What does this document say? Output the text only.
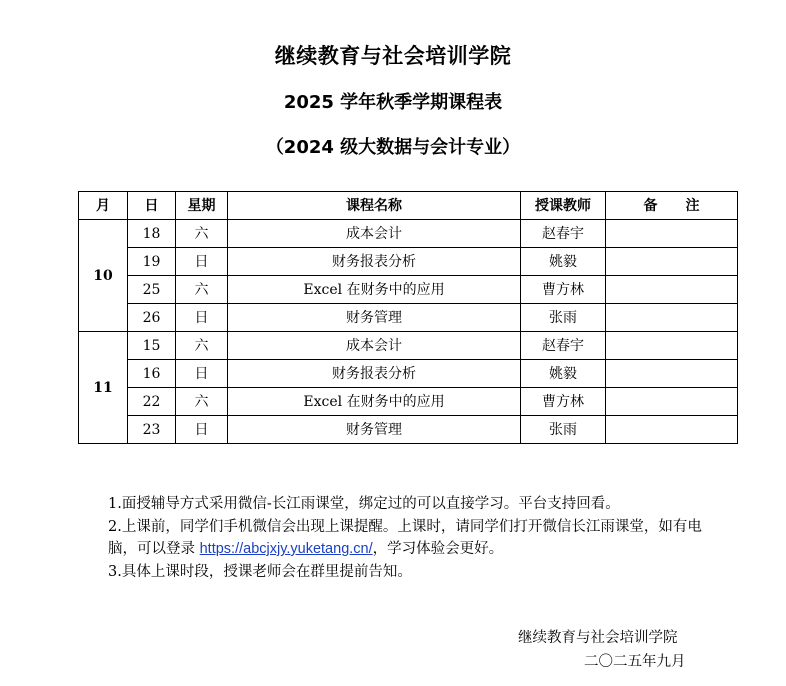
继续教育与社会培训学院
2025 学年秋季学期课程表
（2024 级大数据与会计专业）
月	日	星期	课程名称	授课教师	备　　注
10	18	六	成本会计	赵春宇	
	19	日	财务报表分析	姚毅	
	25	六	Excel 在财务中的应用	曹方林	
	26	日	财务管理	张雨	
11	15	六	成本会计	赵春宇	
	16	日	财务报表分析	姚毅	
	22	六	Excel 在财务中的应用	曹方林	
	23	日	财务管理	张雨	

1.面授辅导方式采用微信-长江雨课堂，绑定过的可以直接学习。平台支持回看。

2.上课前，同学们手机微信会出现上课提醒。上课时，请同学们打开微信长江雨课堂，如有电脑，可以登录 https://abcjxjy.yuketang.cn/，学习体验会更好。

3.具体上课时段，授课老师会在群里提前告知。

继续教育与社会培训学院
二〇二五年九月
